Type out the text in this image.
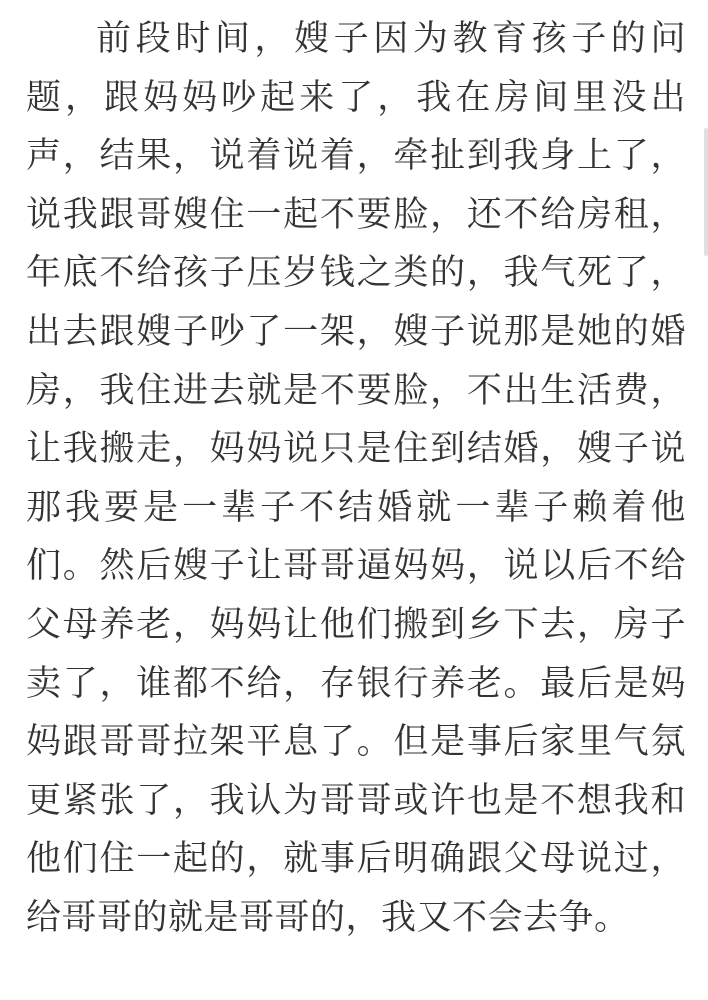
前段时间，嫂子因为教育孩子的问题，跟妈妈吵起来了，我在房间里没出声，结果，说着说着，牵扯到我身上了，说我跟哥嫂住一起不要脸，还不给房租，年底不给孩子压岁钱之类的，我气死了，出去跟嫂子吵了一架，嫂子说那是她的婚房，我住进去就是不要脸，不出生活费，让我搬走，妈妈说只是住到结婚，嫂子说那我要是一辈子不结婚就一辈子赖着他们。然后嫂子让哥哥逼妈妈，说以后不给父母养老，妈妈让他们搬到乡下去，房子卖了，谁都不给，存银行养老。最后是妈妈跟哥哥拉架平息了。但是事后家里气氛更紧张了，我认为哥哥或许也是不想我和他们住一起的，就事后明确跟父母说过，给哥哥的就是哥哥的，我又不会去争。
